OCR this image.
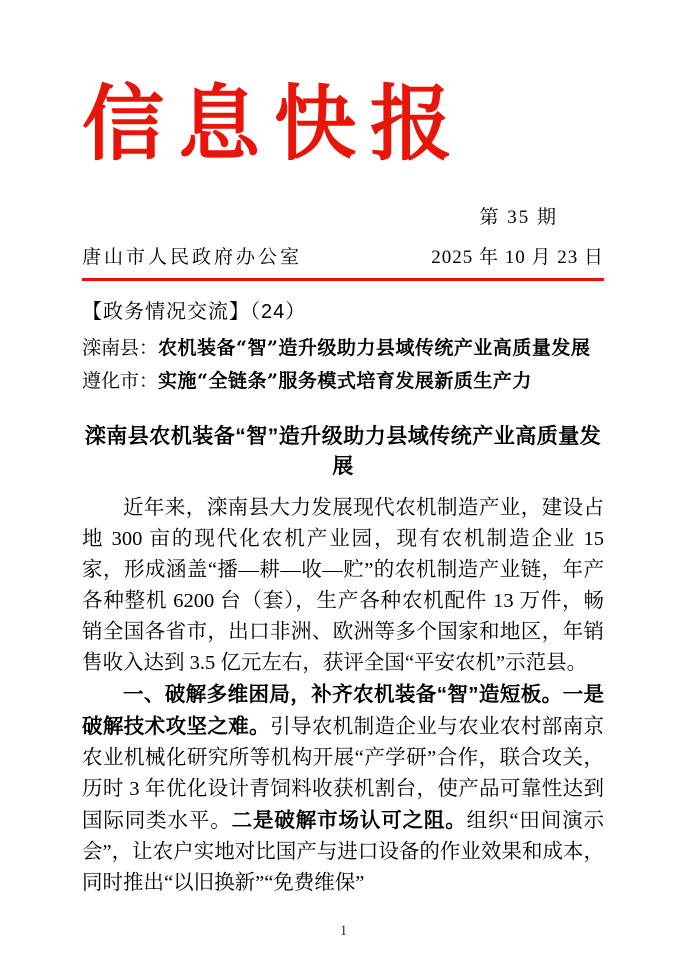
信息快报
第 35 期
唐山市人民政府办公室	2025 年 10 月 23 日
【政务情况交流】（24）
滦南县：农机装备“智”造升级助力县域传统产业高质量发展
遵化市：实施“全链条”服务模式培育发展新质生产力
滦南县农机装备“智”造升级助力县域传统产业高质量发展

近年来，滦南县大力发展现代农机制造产业，建设占地 300 亩的现代化农机产业园，现有农机制造企业 15 家，形成涵盖“播—耕—收—贮”的农机制造产业链，年产各种整机 6200 台（套），生产各种农机配件 13 万件，畅销全国各省市，出口非洲、欧洲等多个国家和地区，年销售收入达到 3.5 亿元左右，获评全国“平安农机”示范县。

一、破解多维困局，补齐农机装备“智”造短板。一是破解技术攻坚之难。引导农机制造企业与农业农村部南京农业机械化研究所等机构开展“产学研”合作，联合攻关，历时 3 年优化设计青饲料收获机割台，使产品可靠性达到国际同类水平。二是破解市场认可之阻。组织“田间演示会”，让农户实地对比国产与进口设备的作业效果和成本，同时推出“以旧换新”“免费维保”

1
